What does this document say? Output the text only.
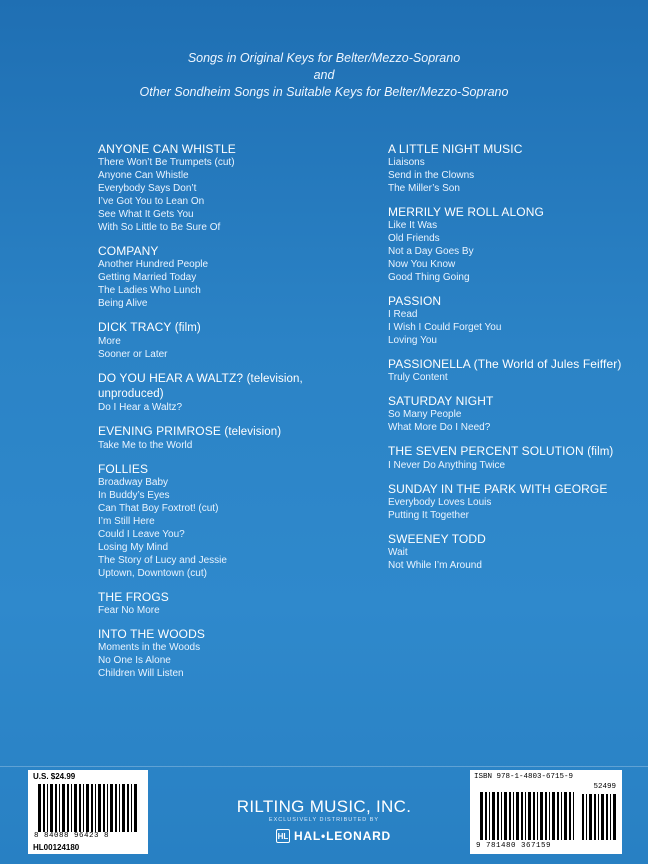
Songs in Original Keys for Belter/Mezzo-Soprano
and
Other Sondheim Songs in Suitable Keys for Belter/Mezzo-Soprano
ANYONE CAN WHISTLE
There Won’t Be Trumpets (cut)
Anyone Can Whistle
Everybody Says Don’t
I’ve Got You to Lean On
See What It Gets You
With So Little to Be Sure Of
COMPANY
Another Hundred People
Getting Married Today
The Ladies Who Lunch
Being Alive
DICK TRACY (film)
More
Sooner or Later
DO YOU HEAR A WALTZ? (television, unproduced)
Do I Hear a Waltz?
EVENING PRIMROSE (television)
Take Me to the World
FOLLIES
Broadway Baby
In Buddy’s Eyes
Can That Boy Foxtrot! (cut)
I’m Still Here
Could I Leave You?
Losing My Mind
The Story of Lucy and Jessie
Uptown, Downtown (cut)
THE FROGS
Fear No More
INTO THE WOODS
Moments in the Woods
No One Is Alone
Children Will Listen
A LITTLE NIGHT MUSIC
Liaisons
Send in the Clowns
The Miller’s Son
MERRILY WE ROLL ALONG
Like It Was
Old Friends
Not a Day Goes By
Now You Know
Good Thing Going
PASSION
I Read
I Wish I Could Forget You
Loving You
PASSIONELLA (The World of Jules Feiffer)
Truly Content
SATURDAY NIGHT
So Many People
What More Do I Need?
THE SEVEN PERCENT SOLUTION (film)
I Never Do Anything Twice
SUNDAY IN THE PARK WITH GEORGE
Everybody Loves Louis
Putting It Together
SWEENEY TODD
Wait
Not While I’m Around
U.S. $24.99
8 84088 96423 8
HL00124180
RILTING MUSIC, INC.
EXCLUSIVELY DISTRIBUTED BY
HL HAL•LEONARD
ISBN 978-1-4803-6715-9
52499
9 781480 367159
